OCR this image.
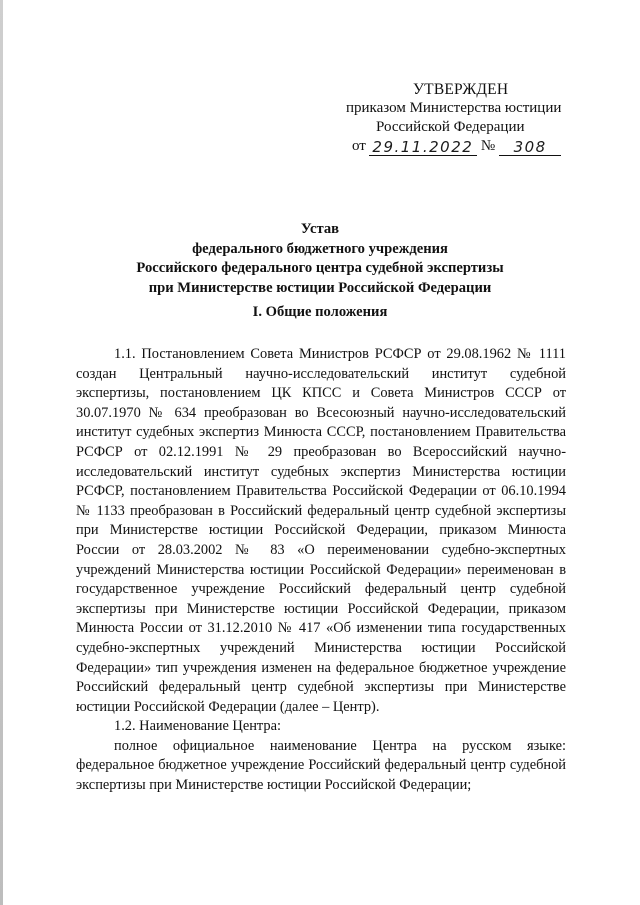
УТВЕРЖДЕН
приказом Министерства юстиции
Российской Федерации
от 29.11.2022 №	308
Устав
федерального бюджетного учреждения
Российского федерального центра судебной экспертизы
при Министерстве юстиции Российской Федерации
I. Общие положения

1.1. Постановлением Совета Министров РСФСР от 29.08.1962 № 1111 создан Центральный научно-исследовательский институт судебной экспертизы, постановлением ЦК КПСС и Совета Министров СССР от 30.07.1970 № 634 преобразован во Всесоюзный научно-исследовательский институт судебных экспертиз Минюста СССР, постановлением Правительства РСФСР от 02.12.1991 № 29 преобразован во Всероссийский научно-исследовательский институт судебных экспертиз Министерства юстиции РСФСР, постановлением Правительства Российской Федерации от 06.10.1994 № 1133 преобразован в Российский федеральный центр судебной экспертизы при Министерстве юстиции Российской Федерации, приказом Минюста России от 28.03.2002 № 83 «О переименовании судебно-экспертных учреждений Министерства юстиции Российской Федерации» переименован в государственное учреждение Российский федеральный центр судебной экспертизы при Министерстве юстиции Российской Федерации, приказом Минюста России от 31.12.2010 № 417 «Об изменении типа государственных судебно-экспертных учреждений Министерства юстиции Российской Федерации» тип учреждения изменен на федеральное бюджетное учреждение Российский федеральный центр судебной экспертизы при Министерстве юстиции Российской Федерации (далее – Центр).

1.2. Наименование Центра:

полное официальное наименование Центра на русском языке: федеральное бюджетное учреждение Российский федеральный центр судебной экспертизы при Министерстве юстиции Российской Федерации;
